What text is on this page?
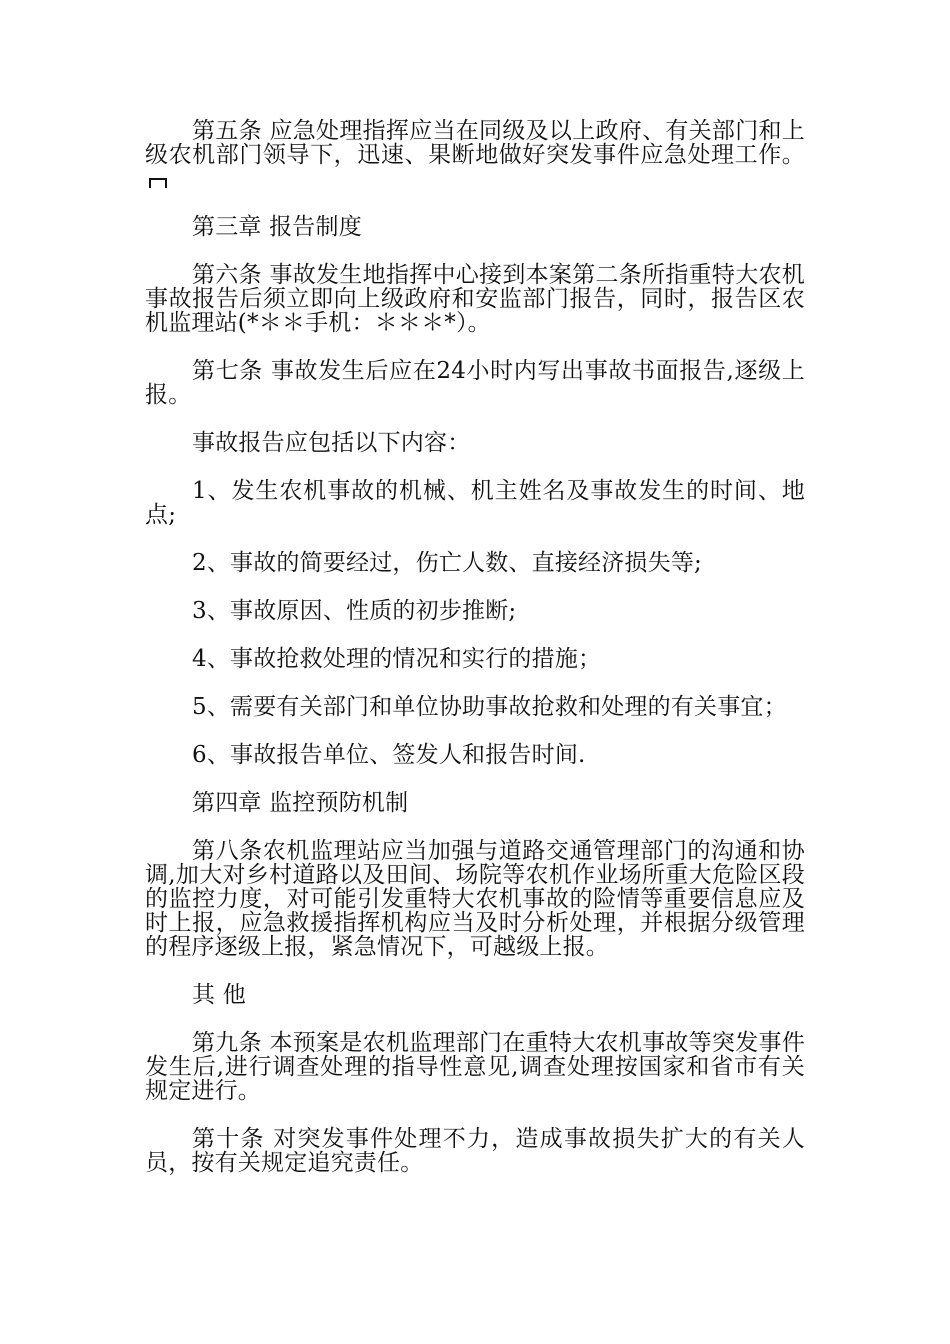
第五条 应急处理指挥应当在同级及以上政府、有关部门和上级农机部门领导下，迅速、果断地做好突发事件应急处理工作。

第三章 报告制度

第六条 事故发生地指挥中心接到本案第二条所指重特大农机事故报告后须立即向上级政府和安监部门报告，同时，报告区农机监理站(*＊＊手机：＊＊＊*）。

第七条 事故发生后应在24小时内写出事故书面报告,逐级上报。

事故报告应包括以下内容：

1、发生农机事故的机械、机主姓名及事故发生的时间、地点;

2、事故的简要经过，伤亡人数、直接经济损失等;

3、事故原因、性质的初步推断;

4、事故抢救处理的情况和实行的措施；

5、需要有关部门和单位协助事故抢救和处理的有关事宜；

6、事故报告单位、签发人和报告时间.

第四章 监控预防机制

第八条农机监理站应当加强与道路交通管理部门的沟通和协调,加大对乡村道路以及田间、场院等农机作业场所重大危险区段的监控力度，对可能引发重特大农机事故的险情等重要信息应及时上报，应急救援指挥机构应当及时分析处理，并根据分级管理的程序逐级上报，紧急情况下，可越级上报。

其 他

第九条 本预案是农机监理部门在重特大农机事故等突发事件发生后,进行调查处理的指导性意见,调查处理按国家和省市有关规定进行。

第十条 对突发事件处理不力，造成事故损失扩大的有关人员，按有关规定追究责任。
